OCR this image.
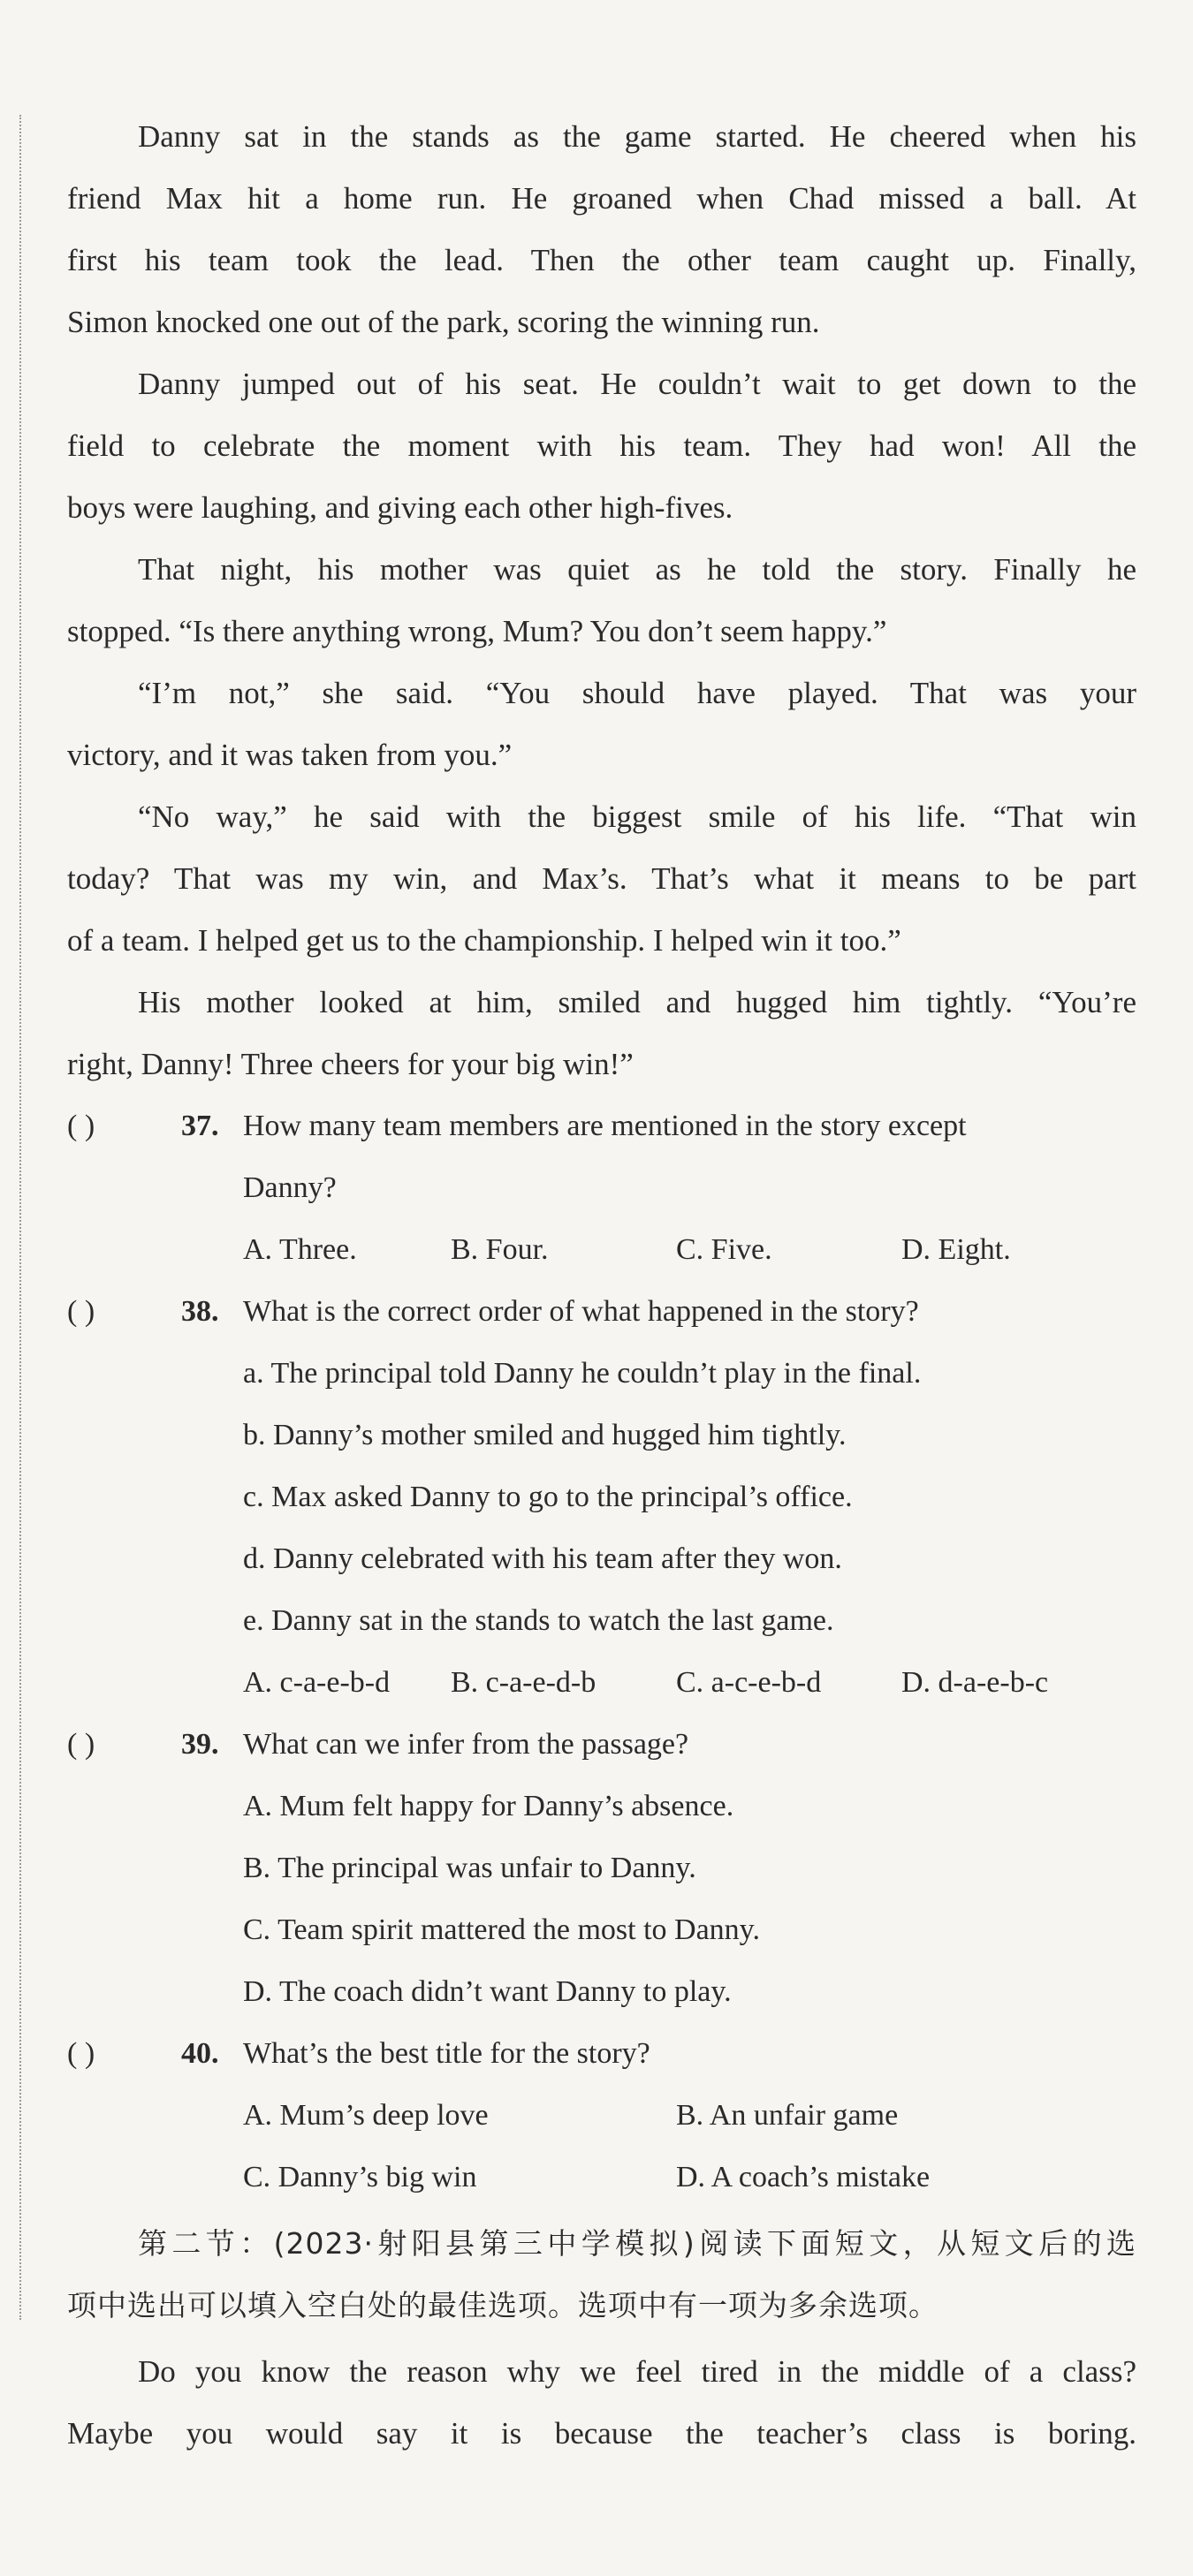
Danny sat in the stands as the game started. He cheered when his
friend Max hit a home run. He groaned when Chad missed a ball. At
first his team took the lead. Then the other team caught up. Finally,
Simon knocked one out of the park, scoring the winning run.
Danny jumped out of his seat. He couldn’t wait to get down to the
field to celebrate the moment with his team. They had won! All the
boys were laughing, and giving each other high-fives.
That night, his mother was quiet as he told the story. Finally he
stopped. “Is there anything wrong, Mum? You don’t seem happy.”
“I’m not,” she said. “You should have played. That was your
victory, and it was taken from you.”
“No way,” he said with the biggest smile of his life. “That win
today? That was my win, and Max’s. That’s what it means to be part
of a team. I helped get us to the championship. I helped win it too.”
His mother looked at him, smiled and hugged him tightly. “You’re
right, Danny! Three cheers for your big win!”
( )	37. How many team members are mentioned in the story except
Danny?
A. Three.	B. Four.	C. Five.	D. Eight.
( )	38. What is the correct order of what happened in the story?
a. The principal told Danny he couldn’t play in the final.
b. Danny’s mother smiled and hugged him tightly.
c. Max asked Danny to go to the principal’s office.
d. Danny celebrated with his team after they won.
e. Danny sat in the stands to watch the last game.
A. c-a-e-b-d B. c-a-e-d-b	C. a-c-e-b-d	D. d-a-e-b-c
( )	39. What can we infer from the passage?
A. Mum felt happy for Danny’s absence.
B. The principal was unfair to Danny.
C. Team spirit mattered the most to Danny.
D. The coach didn’t want Danny to play.
( )	40. What’s the best title for the story?
A. Mum’s deep love	B. An unfair game
C. Danny’s big win	D. A coach’s mistake
第二节：(2023·射阳县第三中学模拟)阅读下面短文，从短文后的选
项中选出可以填入空白处的最佳选项。选项中有一项为多余选项。
Do you know the reason why we feel tired in the middle of a class?
Maybe you would say it is because the teacher’s class is boring.
